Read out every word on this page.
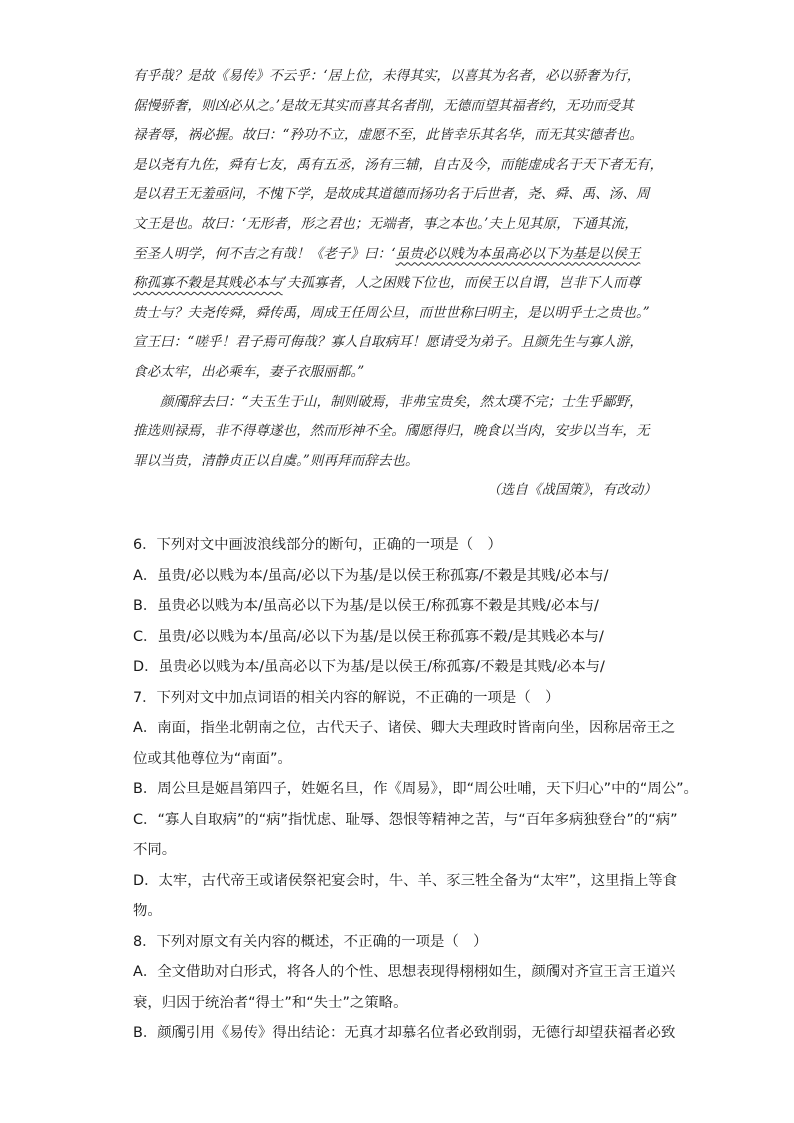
有乎哉？是故《易传》不云乎：‘居上位，未得其实，以喜其为名者，必以骄奢为行，
倨慢骄奢，则凶必从之。’是故无其实而喜其名者削，无德而望其福者约，无功而受其
禄者辱，祸必握。故曰：“矜功不立，虚愿不至，此皆幸乐其名华，而无其实德者也。
是以尧有九佐，舜有七友，禹有五丞，汤有三辅，自古及今，而能虚成名于天下者无有，
是以君王无羞亟问，不愧下学，是故成其道德而扬功名于后世者，尧、舜、禹、汤、周
文王是也。故曰：‘无形者，形之君也；无端者，事之本也。’夫上见其原，下通其流，
至圣人明学，何不吉之有哉！《老子》曰：‘虽贵必以贱为本虽高必以下为基是以侯王
称孤寡不穀是其贱必本与’夫孤寡者，人之困贱下位也，而侯王以自谓，岂非下人而尊
贵士与？夫尧传舜，舜传禹，周成王任周公旦，而世世称曰明主，是以明乎士之贵也。”
宣王曰：“嗟乎！君子焉可侮哉？寡人自取病耳！愿请受为弟子。且颜先生与寡人游，
食必太牢，出必乘车，妻子衣服丽都。”
颜斶辞去曰：“夫玉生于山，制则破焉，非弗宝贵矣，然太璞不完；士生乎鄙野，
推选则禄焉，非不得尊遂也，然而形神不全。斶愿得归，晚食以当肉，安步以当车，无
罪以当贵，清静贞正以自虞。”则再拜而辞去也。
（选自《战国策》，有改动）
6．下列对文中画波浪线部分的断句，正确的一项是（　）
A．虽贵/必以贱为本/虽高/必以下为基/是以侯王称孤寡/不穀是其贱/必本与/
B．虽贵必以贱为本/虽高必以下为基/是以侯王/称孤寡不穀是其贱/必本与/
C．虽贵/必以贱为本/虽高/必以下为基/是以侯王称孤寡不穀/是其贱必本与/
D．虽贵必以贱为本/虽高必以下为基/是以侯王/称孤寡/不穀是其贱/必本与/
7．下列对文中加点词语的相关内容的解说，不正确的一项是（　）
A．南面，指坐北朝南之位，古代天子、诸侯、卿大夫理政时皆南向坐，因称居帝王之
位或其他尊位为“南面”。
B．周公旦是姬昌第四子，姓姬名旦，作《周易》，即“周公吐哺，天下归心”中的“周公”。
C．“寡人自取病”的“病”指忧虑、耻辱、怨恨等精神之苦，与“百年多病独登台”的“病”
不同。
D．太牢，古代帝王或诸侯祭祀宴会时，牛、羊、豕三牲全备为“太牢”，这里指上等食
物。
8．下列对原文有关内容的概述，不正确的一项是（　）
A．全文借助对白形式，将各人的个性、思想表现得栩栩如生，颜斶对齐宣王言王道兴
衰，归因于统治者“得士”和“失士”之策略。
B．颜斶引用《易传》得出结论：无真才却慕名位者必致削弱，无德行却望获福者必致
